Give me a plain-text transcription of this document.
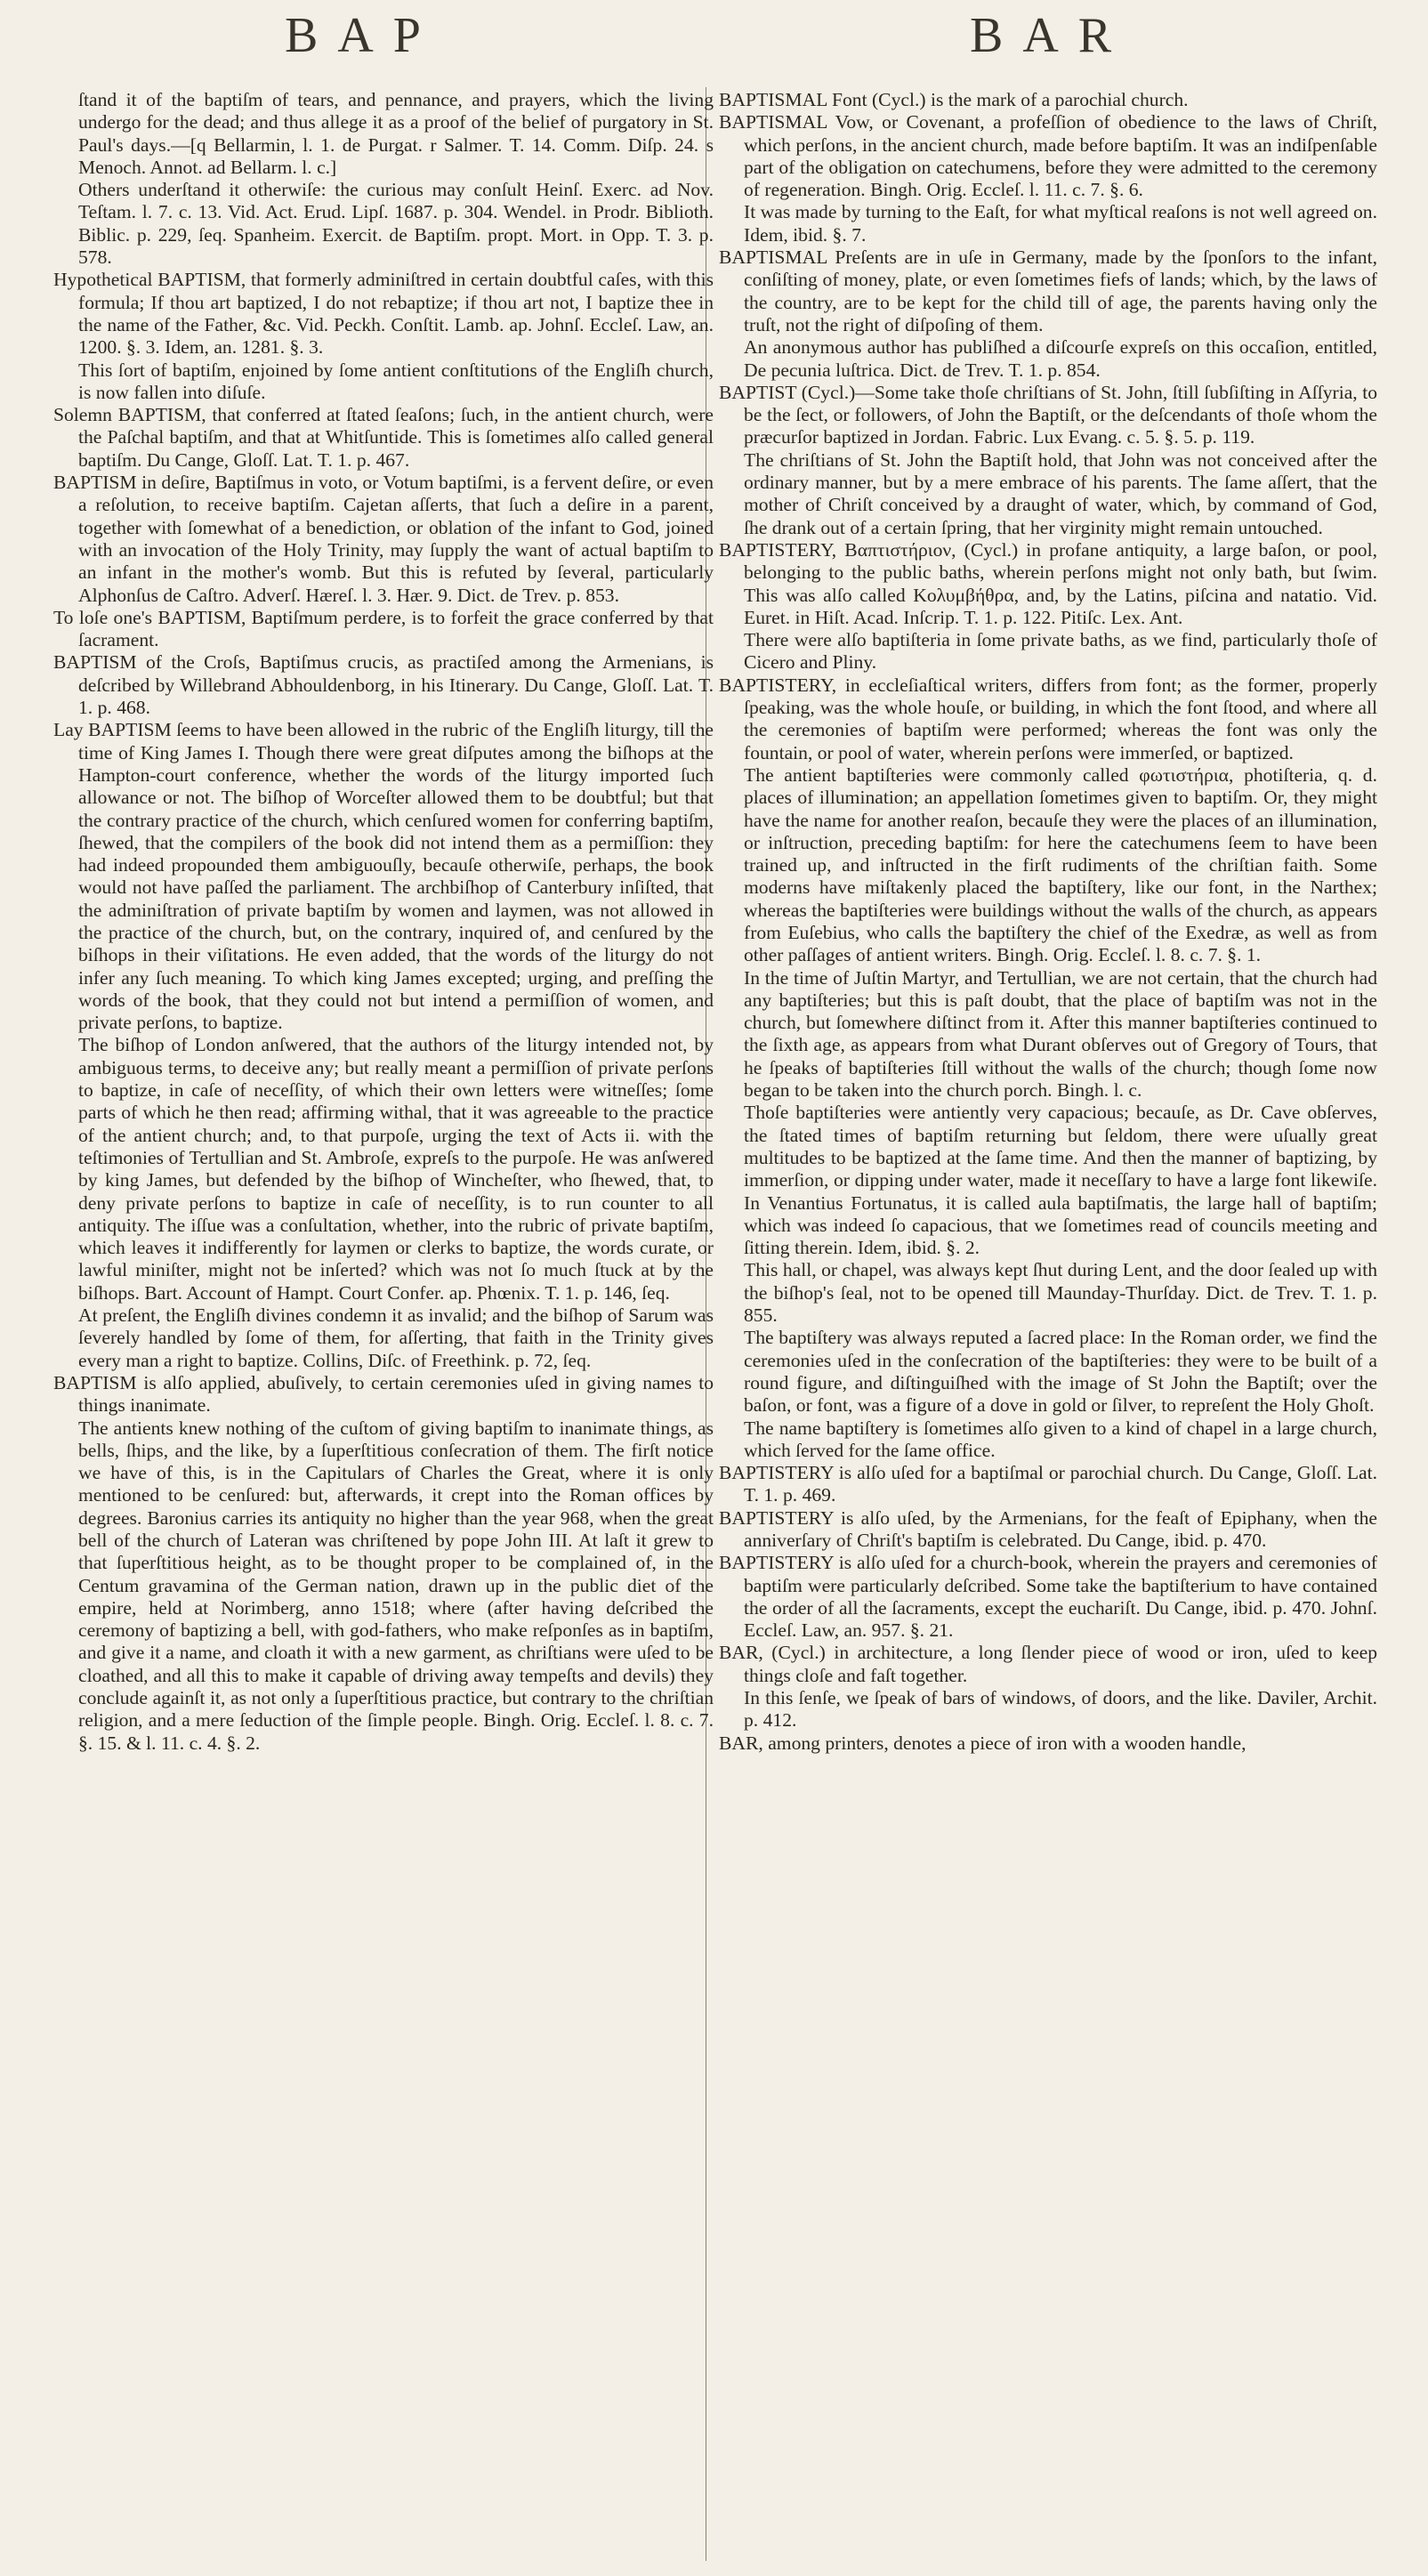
BAP	BAR

ſtand it of the baptiſm of tears, and pennance, and prayers, which the living undergo for the dead; and thus allege it as a proof of the belief of purgatory in St. Paul's days.—[q Bellarmin, l. 1. de Purgat. r Salmer. T. 14. Comm. Diſp. 24. s Menoch. Annot. ad Bellarm. l. c.]

Others underſtand it otherwiſe: the curious may conſult Heinſ. Exerc. ad Nov. Teſtam. l. 7. c. 13. Vid. Act. Erud. Lipſ. 1687. p. 304. Wendel. in Prodr. Biblioth. Biblic. p. 229, ſeq. Spanheim. Exercit. de Baptiſm. propt. Mort. in Opp. T. 3. p. 578.

Hypothetical BAPTISM, that formerly adminiſtred in certain doubtful caſes, with this formula; If thou art baptized, I do not rebaptize; if thou art not, I baptize thee in the name of the Father, &c. Vid. Peckh. Conſtit. Lamb. ap. Johnſ. Eccleſ. Law, an. 1200. §. 3. Idem, an. 1281. §. 3.

This ſort of baptiſm, enjoined by ſome antient conſtitutions of the Engliſh church, is now fallen into diſuſe.

Solemn BAPTISM, that conferred at ſtated ſeaſons; ſuch, in the antient church, were the Paſchal baptiſm, and that at Whitſuntide. This is ſometimes alſo called general baptiſm. Du Cange, Gloſſ. Lat. T. 1. p. 467.

BAPTISM in deſire, Baptiſmus in voto, or Votum baptiſmi, is a fervent deſire, or even a reſolution, to receive baptiſm. Cajetan aſſerts, that ſuch a deſire in a parent, together with ſomewhat of a benediction, or oblation of the infant to God, joined with an invocation of the Holy Trinity, may ſupply the want of actual baptiſm to an infant in the mother's womb. But this is refuted by ſeveral, particularly Alphonſus de Caſtro. Adverſ. Hæreſ. l. 3. Hær. 9. Dict. de Trev. p. 853.

To loſe one's BAPTISM, Baptiſmum perdere, is to forfeit the grace conferred by that ſacrament.

BAPTISM of the Croſs, Baptiſmus crucis, as practiſed among the Armenians, is deſcribed by Willebrand Abhouldenborg, in his Itinerary. Du Cange, Gloſſ. Lat. T. 1. p. 468.

Lay BAPTISM ſeems to have been allowed in the rubric of the Engliſh liturgy, till the time of King James I. Though there were great diſputes among the biſhops at the Hampton-court conference, whether the words of the liturgy imported ſuch allowance or not. The biſhop of Worceſter allowed them to be doubtful; but that the contrary practice of the church, which cenſured women for conferring baptiſm, ſhewed, that the compilers of the book did not intend them as a permiſſion: they had indeed propounded them ambiguouſly, becauſe otherwiſe, perhaps, the book would not have paſſed the parliament. The archbiſhop of Canterbury inſiſted, that the adminiſtration of private baptiſm by women and laymen, was not allowed in the practice of the church, but, on the contrary, inquired of, and cenſured by the biſhops in their viſitations. He even added, that the words of the liturgy do not infer any ſuch meaning. To which king James excepted; urging, and preſſing the words of the book, that they could not but intend a permiſſion of women, and private perſons, to baptize.

The biſhop of London anſwered, that the authors of the liturgy intended not, by ambiguous terms, to deceive any; but really meant a permiſſion of private perſons to baptize, in caſe of neceſſity, of which their own letters were witneſſes; ſome parts of which he then read; affirming withal, that it was agreeable to the practice of the antient church; and, to that purpoſe, urging the text of Acts ii. with the teſtimonies of Tertullian and St. Ambroſe, expreſs to the purpoſe. He was anſwered by king James, but defended by the biſhop of Wincheſter, who ſhewed, that, to deny private perſons to baptize in caſe of neceſſity, is to run counter to all antiquity. The iſſue was a conſultation, whether, into the rubric of private baptiſm, which leaves it indifferently for laymen or clerks to baptize, the words curate, or lawful miniſter, might not be inſerted? which was not ſo much ſtuck at by the biſhops. Bart. Account of Hampt. Court Confer. ap. Phœnix. T. 1. p. 146, ſeq.

At preſent, the Engliſh divines condemn it as invalid; and the biſhop of Sarum was ſeverely handled by ſome of them, for aſſerting, that faith in the Trinity gives every man a right to baptize. Collins, Diſc. of Freethink. p. 72, ſeq.

BAPTISM is alſo applied, abuſively, to certain ceremonies uſed in giving names to things inanimate.

The antients knew nothing of the cuſtom of giving baptiſm to inanimate things, as bells, ſhips, and the like, by a ſuperſtitious conſecration of them. The firſt notice we have of this, is in the Capitulars of Charles the Great, where it is only mentioned to be cenſured: but, afterwards, it crept into the Roman offices by degrees. Baronius carries its antiquity no higher than the year 968, when the great bell of the church of Lateran was chriſtened by pope John III. At laſt it grew to that ſuperſtitious height, as to be thought proper to be complained of, in the Centum gravamina of the German nation, drawn up in the public diet of the empire, held at Norimberg, anno 1518; where (after having deſcribed the ceremony of baptizing a bell, with god-fathers, who make reſponſes as in baptiſm, and give it a name, and cloath it with a new garment, as chriſtians were uſed to be cloathed, and all this to make it capable of driving away tempeſts and devils) they conclude againſt it, as not only a ſuperſtitious practice, but contrary to the chriſtian religion, and a mere ſeduction of the ſimple people. Bingh. Orig. Eccleſ. l. 8. c. 7. §. 15. & l. 11. c. 4. §. 2.

BAPTISMAL Font (Cycl.) is the mark of a parochial church.

BAPTISMAL Vow, or Covenant, a profeſſion of obedience to the laws of Chriſt, which perſons, in the ancient church, made before baptiſm. It was an indiſpenſable part of the obligation on catechumens, before they were admitted to the ceremony of regeneration. Bingh. Orig. Eccleſ. l. 11. c. 7. §. 6.

It was made by turning to the Eaſt, for what myſtical reaſons is not well agreed on. Idem, ibid. §. 7.

BAPTISMAL Preſents are in uſe in Germany, made by the ſponſors to the infant, conſiſting of money, plate, or even ſometimes fiefs of lands; which, by the laws of the country, are to be kept for the child till of age, the parents having only the truſt, not the right of diſpoſing of them.

An anonymous author has publiſhed a diſcourſe expreſs on this occaſion, entitled, De pecunia luſtrica. Dict. de Trev. T. 1. p. 854.

BAPTIST (Cycl.)—Some take thoſe chriſtians of St. John, ſtill ſubſiſting in Aſſyria, to be the ſect, or followers, of John the Baptiſt, or the deſcendants of thoſe whom the præcurſor baptized in Jordan. Fabric. Lux Evang. c. 5. §. 5. p. 119.

The chriſtians of St. John the Baptiſt hold, that John was not conceived after the ordinary manner, but by a mere embrace of his parents. The ſame aſſert, that the mother of Chriſt conceived by a draught of water, which, by command of God, ſhe drank out of a certain ſpring, that her virginity might remain untouched.

BAPTISTERY, Βαπτιστήριον, (Cycl.) in profane antiquity, a large baſon, or pool, belonging to the public baths, wherein perſons might not only bath, but ſwim. This was alſo called Κολυμβήθρα, and, by the Latins, piſcina and natatio. Vid. Euret. in Hiſt. Acad. Inſcrip. T. 1. p. 122. Pitiſc. Lex. Ant.

There were alſo baptiſteria in ſome private baths, as we find, particularly thoſe of Cicero and Pliny.

BAPTISTERY, in eccleſiaſtical writers, differs from font; as the former, properly ſpeaking, was the whole houſe, or building, in which the font ſtood, and where all the ceremonies of baptiſm were performed; whereas the font was only the fountain, or pool of water, wherein perſons were immerſed, or baptized.

The antient baptiſteries were commonly called φωτιστήρια, photiſteria, q. d. places of illumination; an appellation ſometimes given to baptiſm. Or, they might have the name for another reaſon, becauſe they were the places of an illumination, or inſtruction, preceding baptiſm: for here the catechumens ſeem to have been trained up, and inſtructed in the firſt rudiments of the chriſtian faith. Some moderns have miſtakenly placed the baptiſtery, like our font, in the Narthex; whereas the baptiſteries were buildings without the walls of the church, as appears from Euſebius, who calls the baptiſtery the chief of the Exedræ, as well as from other paſſages of antient writers. Bingh. Orig. Eccleſ. l. 8. c. 7. §. 1.

In the time of Juſtin Martyr, and Tertullian, we are not certain, that the church had any baptiſteries; but this is paſt doubt, that the place of baptiſm was not in the church, but ſomewhere diſtinct from it. After this manner baptiſteries continued to the ſixth age, as appears from what Durant obſerves out of Gregory of Tours, that he ſpeaks of baptiſteries ſtill without the walls of the church; though ſome now began to be taken into the church porch. Bingh. l. c.

Thoſe baptiſteries were antiently very capacious; becauſe, as Dr. Cave obſerves, the ſtated times of baptiſm returning but ſeldom, there were uſually great multitudes to be baptized at the ſame time. And then the manner of baptizing, by immerſion, or dipping under water, made it neceſſary to have a large font likewiſe. In Venantius Fortunatus, it is called aula baptiſmatis, the large hall of baptiſm; which was indeed ſo capacious, that we ſometimes read of councils meeting and ſitting therein. Idem, ibid. §. 2.

This hall, or chapel, was always kept ſhut during Lent, and the door ſealed up with the biſhop's ſeal, not to be opened till Maunday-Thurſday. Dict. de Trev. T. 1. p. 855.

The baptiſtery was always reputed a ſacred place: In the Roman order, we find the ceremonies uſed in the conſecration of the baptiſteries: they were to be built of a round figure, and diſtinguiſhed with the image of St John the Baptiſt; over the baſon, or font, was a figure of a dove in gold or ſilver, to repreſent the Holy Ghoſt.

The name baptiſtery is ſometimes alſo given to a kind of chapel in a large church, which ſerved for the ſame office.

BAPTISTERY is alſo uſed for a baptiſmal or parochial church. Du Cange, Gloſſ. Lat. T. 1. p. 469.

BAPTISTERY is alſo uſed, by the Armenians, for the feaſt of Epiphany, when the anniverſary of Chriſt's baptiſm is celebrated. Du Cange, ibid. p. 470.

BAPTISTERY is alſo uſed for a church-book, wherein the prayers and ceremonies of baptiſm were particularly deſcribed. Some take the baptiſterium to have contained the order of all the ſacraments, except the euchariſt. Du Cange, ibid. p. 470. Johnſ. Eccleſ. Law, an. 957. §. 21.

BAR, (Cycl.) in architecture, a long ſlender piece of wood or iron, uſed to keep things cloſe and faſt together.

In this ſenſe, we ſpeak of bars of windows, of doors, and the like. Daviler, Archit. p. 412.

BAR, among printers, denotes a piece of iron with a wooden handle,
